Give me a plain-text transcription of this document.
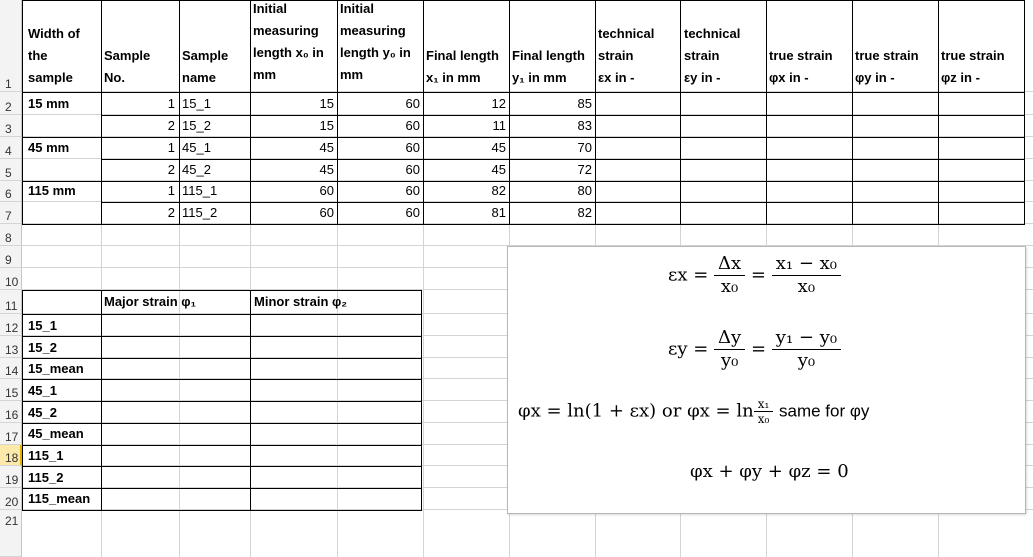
1
2
3
4
5
6
7
8
9
10
11
12
13
14
15
16
17
18
19
20
21
Width of
the
sample
Sample
No.
Sample
name
Initial
measuring
length x₀ in
mm
Initial
measuring
length y₀ in
mm
Final length
x₁ in mm
Final length
y₁ in mm
technical
strain
εx in -
technical
strain
εy in -
true strain
φx in -
true strain
φy in -
true strain
φz in -
15 mm
45 mm
115 mm
1
2
1
2
1
2
15_1
15_2
45_1
45_2
115_1
115_2
15
15
45
45
60
60
60
60
60
60
60
60
12
11
45
45
82
81
85
83
70
72
80
82
Major strain φ₁	Minor strain φ₂
15_1
15_2
15_mean
45_1
45_2
45_mean
115_1
115_2
115_mean
$\varepsilon x = \frac{\Delta x}{\text{x₀}} = \frac{\text{x₁ − x₀}}{\text{x₀}}$
$\varepsilon y = \frac{\Delta y}{\text{y₀}} = \frac{\text{y₁ − y₀}}{\text{y₀}}$
φx = ln(1 + εx) or $\varphi x = \ln \frac{\text{x₁}}{\text{x₀}}$ same for φy
φx + φy + φz = 0
